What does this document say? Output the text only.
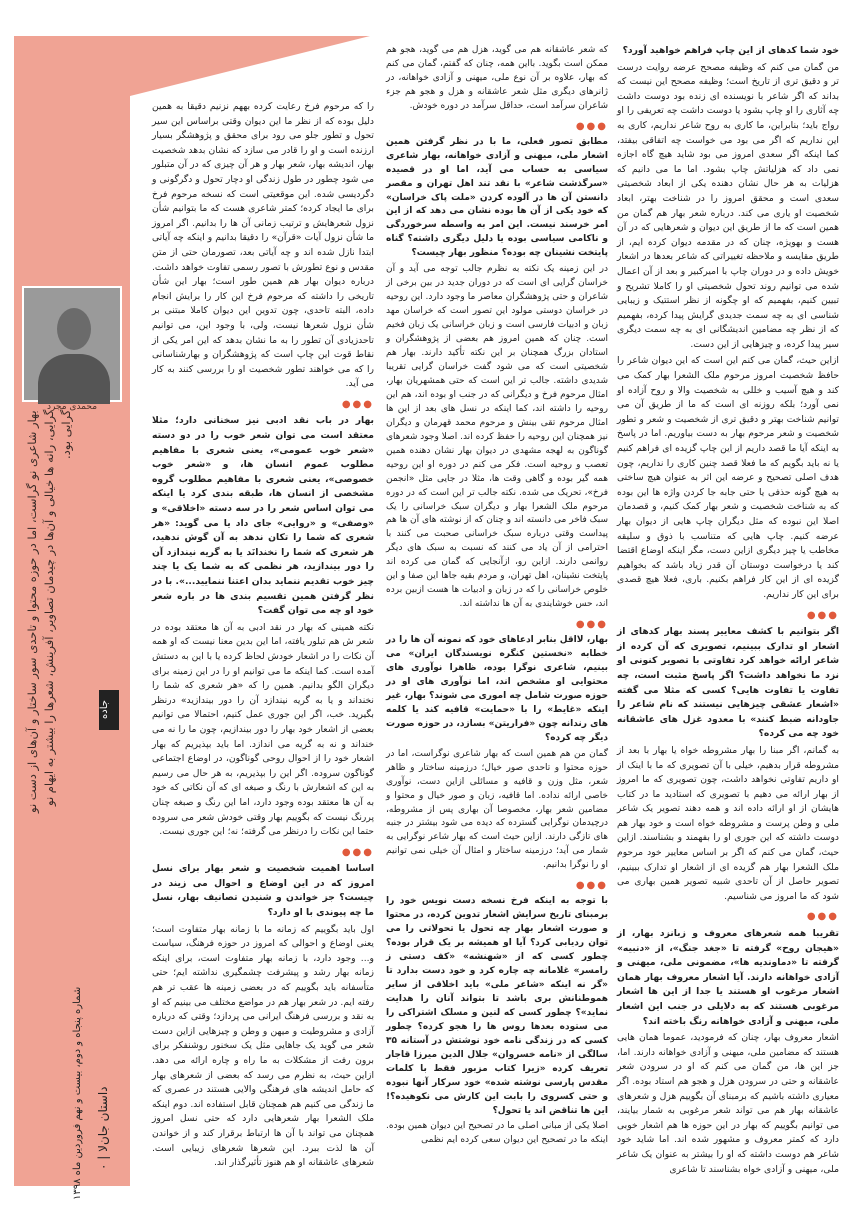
محمدی مجرد
بهار شاعری نو گراست، اما در حوزه محتوا و تاحدی سور ساختار و آن‌های از دست نو گرایی، رانه ها خیالی و آن‌ها در چیدمان تصاویر، آفرینش، شعر‌ها را بیشتر به ایهام نو گرایی بود.
جاده
۰ | داستان جان‌لا
شماره پنجاه و دوم، بیست و نهم فروردین ماه ۱۳۹۸

خود شما کدهای از این چاپ فراهم خواهید آورد؟

من گمان می کنم که وظیفه مصحح عرضه روایت درست تر و دقیق تری از تاریخ است؛ وظیفه مصحح این نیست که بداند که اگر شاعر با نویسنده ای زنده بود دوست داشت چه آثاری را او چاپ بشود یا دوست داشت چه تعریفی را او رواج باید؛ بنابراین، ما کاری به روح شاعر نداریم، کاری به این نداریم که اگر می بود می خواست چه اتفاقی بیفتد، کما اینکه اگر سعدی امروز می بود شاید هیچ گاه اجازه نمی داد که هزلیاتش چاپ بشود. اما ما می دانیم که هزلیات به هر حال نشان دهنده یکی از ابعاد شخصیتی سعدی است و محقق امروز را در شناخت بهتر، ابعاد شخصیت او یاری می کند. درباره شعر بهار هم گمان من همین است که ما از طریق این دیوان و شعرهایی که در آن هست و بهویژه، چنان که در مقدمه دیوان کرده ایم، از طریق مقایسه و ملاحظه تغییراتی که شاعر بعدها در اشعار خویش داده و در دوران چاپ با امیرکبیر و بعد از آن اعمال شده می توانیم روند تحول شخصیتی او را کاملا تشریح و تبیین کنیم، بفهمیم که او چگونه از نظر استتیک و زیبایی شناسی ای به چه سمت جدیدی گرایش پیدا کرده، بفهمیم که از نظر چه مضامین اندیشگانی ای به چه سمت دیگری سیر پیدا کرده، و چیزهایی از این دست.

ازاین حیث، گمان می کنم این است که این دیوان شاعر را حافظ شخصیت امروز مرحوم ملک الشعرا بهار کمک می کند و هیچ آسیب و خللی به شخصیت والا و روح آزاده او نمی آورد؛ بلکه روزنه ای است که ما از طریق آن می توانیم شناخت بهتر و دقیق تری از شخصیت و شعر و تطور شخصیت و شعر مرحوم بهار به دست بیاوریم. اما در پاسخ به اینکه آیا ما قصد داریم از این چاپ گزیده ای فراهم کنیم یا نه باید بگویم که ما فعلا قصد چنین کاری را نداریم، چون هدف اصلی تصحیح و عرضه این اثر به عنوان هیچ ساختی به هیچ گونه حذفی یا حتی جابه جا کردن واژه ها این بوده که به شناخت شخصیت و شعر بهار کمک کنیم، و قصدمان اصلا این نبوده که مثل دیگران چاپ هایی از دیوان بهار عرضه کنیم. چاپ هایی که متناسب با ذوق و سلیقه مخاطب یا چیز دیگری ازاین دست، مگر اینکه اوضاع اقتضا کند یا درخواست دوستان آن قدر زیاد باشد که بخواهیم گزیده ای از این کار فراهم بکنیم. باری، فعلا هیچ قصدی برای این کار نداریم.

●●●

اگر بتوانیم با کشف معاییر پسند بهار کدهای از اشعار او تدارک ببینیم، تصویری که آن کرده از شاعر ارائه خواهد کرد تفاوتی با تصویر کنونی او نزد ما نخواهد داشت؟ اگر پاسخ مثبت است، چه تفاوت یا تفاوت هایی؟ کسی که مثلا می گفته «اشعار عشقی چیزهایی نیستند که نام شاعر را جاودانه ضبط کنند» با معدود غزل های عاشقانه خود چه می کرده؟

به گمانم، اگر مبنا را بهار مشروطه خواه یا بهار با بعد از مشروطه قرار بدهیم، خیلی با آن تصویری که ما با اینک از او داریم تفاوتی نخواهد داشت، چون تصویری که ما امروز از بهار ارائه می دهیم با تصویری که استادید ما در کتاب هایشان از او ارائه داده اند و همه دهند تصویر یک شاعر ملی و وطن پرست و مشروطه خواه است و خود بهار هم دوست داشته که این جوری او را بفهمند و بشناسند. ازاین حیث، گمان می کنم که اگر بر اساس معاییر خود مرحوم ملک الشعرا بهار هم گزیده ای از اشعار او تدارک ببینیم، تصویر حاصل از آن تاحدی شبیه تصویر همین بهاری می شود که ما امروز می شناسیم.

●●●

تقریبا همه شعرهای معروف و زبانزد بهار، از «هیجان روح» گرفته تا «جغد جنگ»، از «دنبیه» گرفته تا «دماوندیه ها»، مضمونی ملی، میهنی و آزادی خواهانه دارند. آیا اشعار معروف بهار همان اشعار مرغوب او هستند یا جدا از این ها اشعار مرغوبی هستند که به دلایلی در جنب این اشعار ملی، میهنی و آزادی خواهانه رنگ باخته اند؟

اشعار معروف بهار، چنان که فرمودید، عموما همان هایی هستند که مضامین ملی، میهنی و آزادی خواهانه دارند. اما، جز این ها، من گمان می کنم که او در سرودن شعر عاشقانه و حتی در سرودن هزل و هجو هم استاد بوده. اگر معیاری داشته باشیم که برمبنای آن بگوییم هزل و شعرهای عاشقانه بهار هم می تواند شعر مرغوبی به شمار بیایند، می توانیم بگوییم که بهار در این حوزه ها هم اشعار خوبی دارد که کمتر معروف و مشهور شده اند. اما شاید خود شاعر هم دوست داشته که او را بیشتر به عنوان یک شاعر ملی، میهنی و آزادی خواه بشناسند تا شاعری

که شعر عاشقانه هم می گوید، هزل هم می گوید، هجو هم ممکن است بگوید. بااین همه، چنان که گفتم، گمان می کنم که بهار، علاوه بر آن نوع ملی، میهنی و آزادی خواهانه، در ژانرهای دیگری مثل شعر عاشقانه و هزل و هجو هم جزء شاعران سرآمد است، حداقل سرآمد در دوره خودش.

●●●

مطابق تصور فعلی، ما با در نظر گرفتن همین اشعار ملی، میهنی و آزادی خواهانه، بهار شاعری سیاسی به حساب می آید، اما او در قصیده «سرگذشت شاعر» با نقد تند اهل تهران و مقصر دانستن آن ها در آلوده کردن «ملت پاک خراسان» که خود یکی از آن ها بوده نشان می دهد که از این امر خرسند نیست. این امر به واسطه سرخوردگی و ناکامی سیاسی بوده یا دلیل دیگری داشته؟ گناه پایتخت نشینان چه بوده؟ منظور بهار چیست؟

در این زمینه یک نکته به نظرم جالب توجه می آید و آن خراسان گرایی ای است که در دوران جدید در بین برخی از شاعران و حتی پژوهشگران معاصر ما وجود دارد. این روحیه در خراسان دوستی مولود این تصور است که خراسان مهد زبان و ادبیات فارسی است و زبان خراسانی یک زبان فخیم است. چنان که همین امروز هم بعضی از پژوهشگران و استادان بزرگ همچنان بر این نکته تأکید دارند. بهار هم شخصیتی است که می شود گفت خراسان گرایی تقریبا شدیدی داشته. جالب تر این است که حتی همشهریان بهار، امثال مرحوم فرخ و دیگرانی که در جنب او بوده اند، هم این روحیه را داشته اند، کما اینکه در نسل های بعد از این ها امثال مرحوم تقی بینش و مرحوم محمد قهرمان و دیگران نیز همچنان این روحیه را حفظ کرده اند. اصلا وجود شعرهای گوناگون به لهجه مشهدی در دیوان بهار نشان دهنده همین تعصب و روحیه است. فکر می کنم در دوره او این روحیه همه گیر بوده و گاهی وقت ها، مثلا در جایی مثل «انجمن فرخ»، تحریک می شده. نکته جالب تر این است که در دوره مرحوم ملک الشعرا بهار و دیگران سبک خراسانی را یک سبک فاخر می دانسته اند و چنان که از نوشته های آن ها هم پیداست وقتی درباره سبک خراسانی صحبت می کنند با احترامی از آن یاد می کنند که نسبت به سبک های دیگر روانمی دارند. ازاین رو، ازآنجایی که گمان می کرده اند پایتخت نشینان، اهل تهران، و مردم بقیه جاها این صفا و این خلوص خراسانی را که در زبان و ادبیات ها هست ازبین برده اند، حس خوشایندی به آن ها نداشته اند.

●●●

بهار، لااقل بنابر ادعاهای خود که نمونه آن ها را در خطابه «نخستین کنگره نویسندگان ایران» می بینیم، شاعری نوگرا بوده، ظاهرا نوآوری های محتوایی او مشخص اند، اما نوآوری های او در حوزه صورت شامل چه اموری می شوند؟ بهار، غیر اینکه «غایط» را با «حمایت» قافیه کند یا کلمه های رندانه چون «فراریتن» بسازد، در حوزه صورت دیگر چه کرده؟

گمان من هم همین است که بهار شاعری نوگراست، اما در حوزه محتوا و تاحدی صور خیال؛ درزمینه ساختار و ظاهر شعر، مثل وزن و قافیه و مسائلی ازاین دست، نوآوری خاصی ارائه نداده. اما قافیه، زبان و صور خیال و محتوا و مضامین شعر بهار، مخصوصا آن بهاری پس از مشروطه، درچیدمان نوگرایی گسترده که دیده می شود بیشتر در جنبه های تازگی دارند. ازاین حیث است که بهار شاعر نوگرایی به شمار می آید؛ درزمینه ساختار و امثال آن خیلی نمی توانیم او را نوگرا بدانیم.

●●●

با توجه به اینکه فرخ نسخه دست نویس خود را برمبنای تاریخ سرایش اشعار تدوین کرده، در محتوا و صورت اشعار بهار چه تحول یا تحولاتی را می توان ردیابی کرد؟ آیا او همیشه بر یک قرار بوده؟ چطور کسی که از «شهنشه» «کف دستی ز رامسر» غلامانه چه چاره کرد و خود دست بدارد تا «گر نه اینکه «شاعر ملی» باید اخلاقی از سایر هموطنانش بری باشد تا بتواند آنان را هدایت نماید»؟ چطور کسی که لنین و مسلک اشتراکی را می ستوده بعدها روس ها را هجو کرده؟ چطور کسی که در زندگی نامه خود نوشتش در آستانه ۳۵ سالگی از «نامه خسروان» جلال الدین میرزا قاجار تعریف کرده «زیرا کتاب مزبور فقط با کلمات مقدس پارسی نوشته شده» خود سرکار آنها نبوده و حتی کسروی را بابت این کارش می نکوهیده؟! این ها تناقض اند یا تحول؟

اصلا یکی از مبانی اصلی ما در تصحیح این دیوان همین بوده. اینکه ما در تصحیح این دیوان سعی کرده ایم نظمی

را که مرحوم فرخ رعایت کرده بههم نزنیم دقیقا به همین دلیل بوده که از نظر ما این دیوان وقتی براساس این سیر تحول و تطور جلو می رود برای محقق و پژوهشگر بسیار ارزنده است و او را قادر می سازد که نشان بدهد شخصیت بهار، اندیشه بهار، شعر بهار و هر آن چیزی که در آن متبلور می شود چطور در طول زندگی او دچار تحول و دگرگونی و دگردیسی شده. این موقعیتی است که نسخه مرحوم فرخ برای ما ایجاد کرده؛ کمتر شاعری هست که ما بتوانیم شأن نزول شعرهایش و ترتیب زمانی آن ها را بدانیم. اگر امروز ما شأن نزول آیات «قرآن» را دقیقا بدانیم و اینکه چه آیاتی ابتدا نازل شده اند و چه آیاتی بعد، تصورمان حتی از متن مقدس و نوع تطورش با تصور رسمی تفاوت خواهد داشت. درباره دیوان بهار هم همین طور است؛ بهار این شأن تاریخی را داشته که مرحوم فرخ این کار را برایش انجام داده، البته تاحدی، چون تدوین این دیوان کاملا مبتنی بر شأن نزول شعرها نیست، ولی، با وجود این، می توانیم تاحدزیادی آن تطور را به ما نشان بدهد که این امر یکی از نقاط قوت این چاپ است که پژوهشگران و بهارشناسانی را که می خواهند تطور شخصیت او را بررسی کنند به کار می آید.

●●●

بهار در باب نقد ادبی نیز سخنانی دارد؛ مثلا معتقد است می توان شعر خوب را در دو دسته «شعر خوب عمومی»، یعنی شعری با مفاهیم مطلوب عموم انسان ها، و «شعر خوب خصوصی»، یعنی شعری با مفاهیم مطلوب گروه مشخصی از انسان ها، طبقه بندی کرد یا اینکه می توان اساس شعر را در سه دسته «اخلاقی» و «وصفی» و «روایی» جای داد یا می گوید: «هر شعری که شما را تکان ندهد به آن گوش ندهید، هر شعری که شما را نخندانَد یا به گریه نیندازد آن را دور بیندازید، هر نظمی که به شما یک یا چند چیز خوب تقدیم ننماید بدان اعتنا ننمایید...». با در نظر گرفتن همین تقسیم بندی ها در باره شعر خود او چه می توان گفت؟

نکته همینی که بهار در نقد ادبی به آن ها معتقد بوده در شعر ش هم تبلور یافته، اما این بدین معنا نیست که او همه آن نکات را در اشعار خودش لحاظ کرده یا با این به دستش آمده است. کما اینکه ما می توانیم او را در این زمینه برای دیگران الگو بدانیم. همین را که «هر شعری که شما را نخنداند و یا به گریه نیندازد آن را دور بیندازید» درنظر بگیرید. خب، اگر این جوری عمل کنیم، احتمالا می توانیم بعضی از اشعار خود بهار را دور بیندازیم، چون ما را نه می خنداند و نه به گریه می اندازد. اما باید بپذیریم که بهار اشعار خود را از احوال روحی گوناگون، در اوضاع اجتماعی گوناگون سروده. اگر این را بپذیریم، به هر حال می رسیم به این که اشعارش با رنگ و صبغه ای که آن نکاتی که خود به آن ها معتقد بوده وجود دارد، اما این رنگ و صبغه چنان پررنگ نیست که بگوییم بهار وقتی خودش شعر می سروده حتما این نکات را درنظر می گرفته؛ نه؛ این جوری نیست.

●●●

اساسا اهمیت شخصیت و شعر بهار برای نسل امروز که در این اوضاع و احوال می زیند در چیست؟ جز خواندن و شنیدن تصانیف بهار، نسل ما چه پیوندی با او دارد؟

اول باید بگوییم که زمانه ما با زمانه بهار متفاوت است؛ یعنی اوضاع و احوالی که امروز در حوزه فرهنگ، سیاست و... وجود دارد، با زمانه بهار متفاوت است، برای اینکه زمانه بهار رشد و پیشرفت چشمگیری نداشته ایم؛ حتی متأسفانه باید بگوییم که در بعضی زمینه ها عقب تر هم رفته ایم. در شعر بهار هم در مواضع مختلف می بینیم که او به نقد و بررسی فرهنگ ایرانی می پردازد؛ وقتی که درباره آزادی و مشروطیت و میهن و وطن و چیزهایی ازاین دست شعر می گوید یک جاهایی مثل یک سخنور روشنفکر برای برون رفت از مشکلات به ما راه و چاره ارائه می دهد. ازاین حیث، به نظرم می رسد که بعضی از شعرهای بهار که حامل اندیشه های فرهنگی والایی هستند در عصری که ما زندگی می کنیم هم همچنان قابل استفاده اند. دوم اینکه ملک الشعرا بهار شعرهایی دارد که حتی نسل امروز همچنان می تواند با آن ها ارتباط برقرار کند و از خواندن آن ها لذت ببرد. این شعرها شعرهای زیبایی است. شعرهای عاشقانه او هم هنوز تأثیرگذار اند.
